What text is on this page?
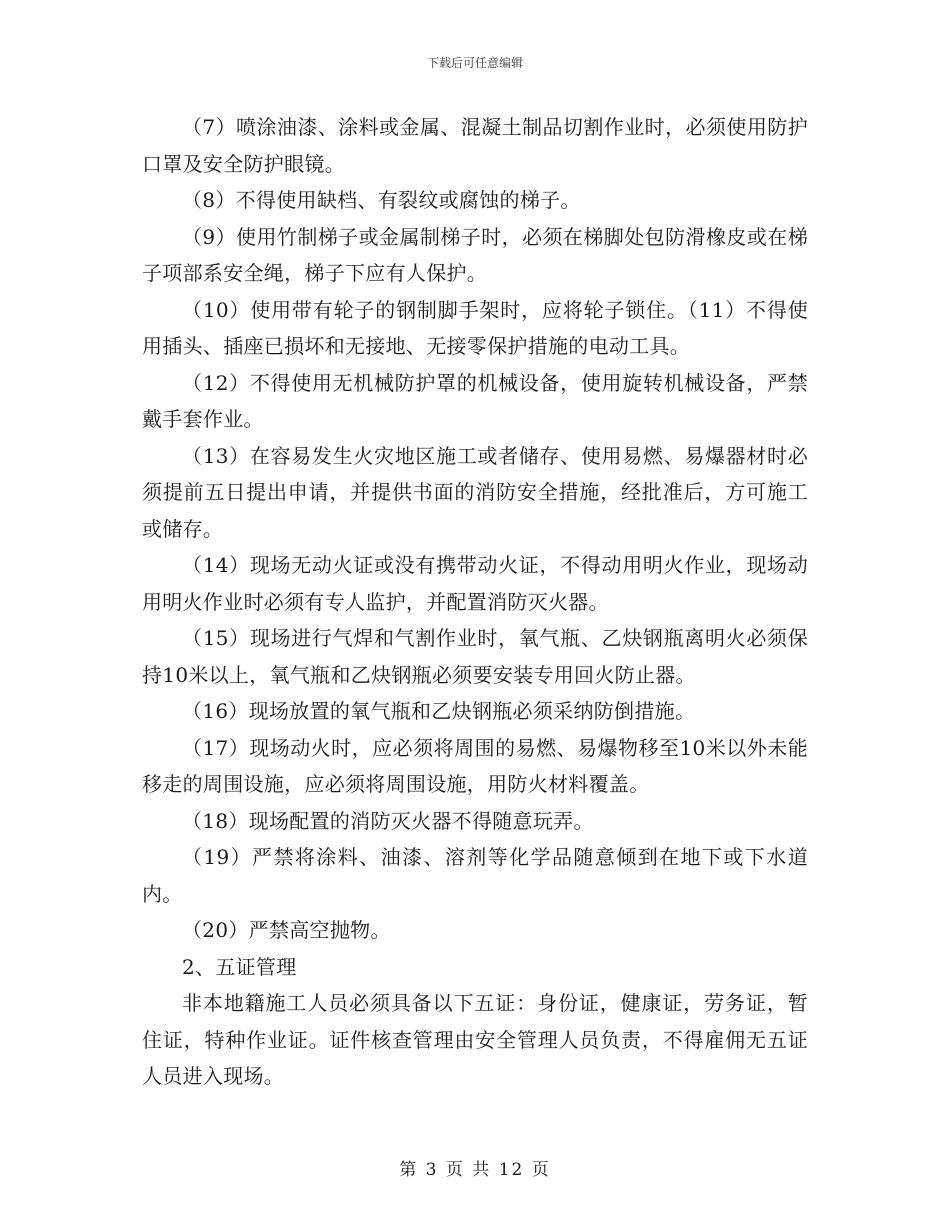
下载后可任意编辑

（7）喷涂油漆、涂料或金属、混凝土制品切割作业时，必须使用防护口罩及安全防护眼镜。

（8）不得使用缺档、有裂纹或腐蚀的梯子。

（9）使用竹制梯子或金属制梯子时，必须在梯脚处包防滑橡皮或在梯子项部系安全绳，梯子下应有人保护。

（10）使用带有轮子的钢制脚手架时，应将轮子锁住。（11）不得使用插头、插座已损坏和无接地、无接零保护措施的电动工具。

（12）不得使用无机械防护罩的机械设备，使用旋转机械设备，严禁戴手套作业。

（13）在容易发生火灾地区施工或者储存、使用易燃、易爆器材时必须提前五日提出申请，并提供书面的消防安全措施，经批准后，方可施工或储存。

（14）现场无动火证或没有携带动火证，不得动用明火作业，现场动用明火作业时必须有专人监护，并配置消防灭火器。

（15）现场进行气焊和气割作业时，氧气瓶、乙炔钢瓶离明火必须保持10米以上，氧气瓶和乙炔钢瓶必须要安装专用回火防止器。

（16）现场放置的氧气瓶和乙炔钢瓶必须采纳防倒措施。

（17）现场动火时，应必须将周围的易燃、易爆物移至10米以外未能移走的周围设施，应必须将周围设施，用防火材料覆盖。

（18）现场配置的消防灭火器不得随意玩弄。

（19）严禁将涂料、油漆、溶剂等化学品随意倾到在地下或下水道内。

（20）严禁高空抛物。

2、五证管理

非本地籍施工人员必须具备以下五证：身份证，健康证，劳务证，暂住证，特种作业证。证件核查管理由安全管理人员负责，不得雇佣无五证人员进入现场。

第 3 页 共 12 页
